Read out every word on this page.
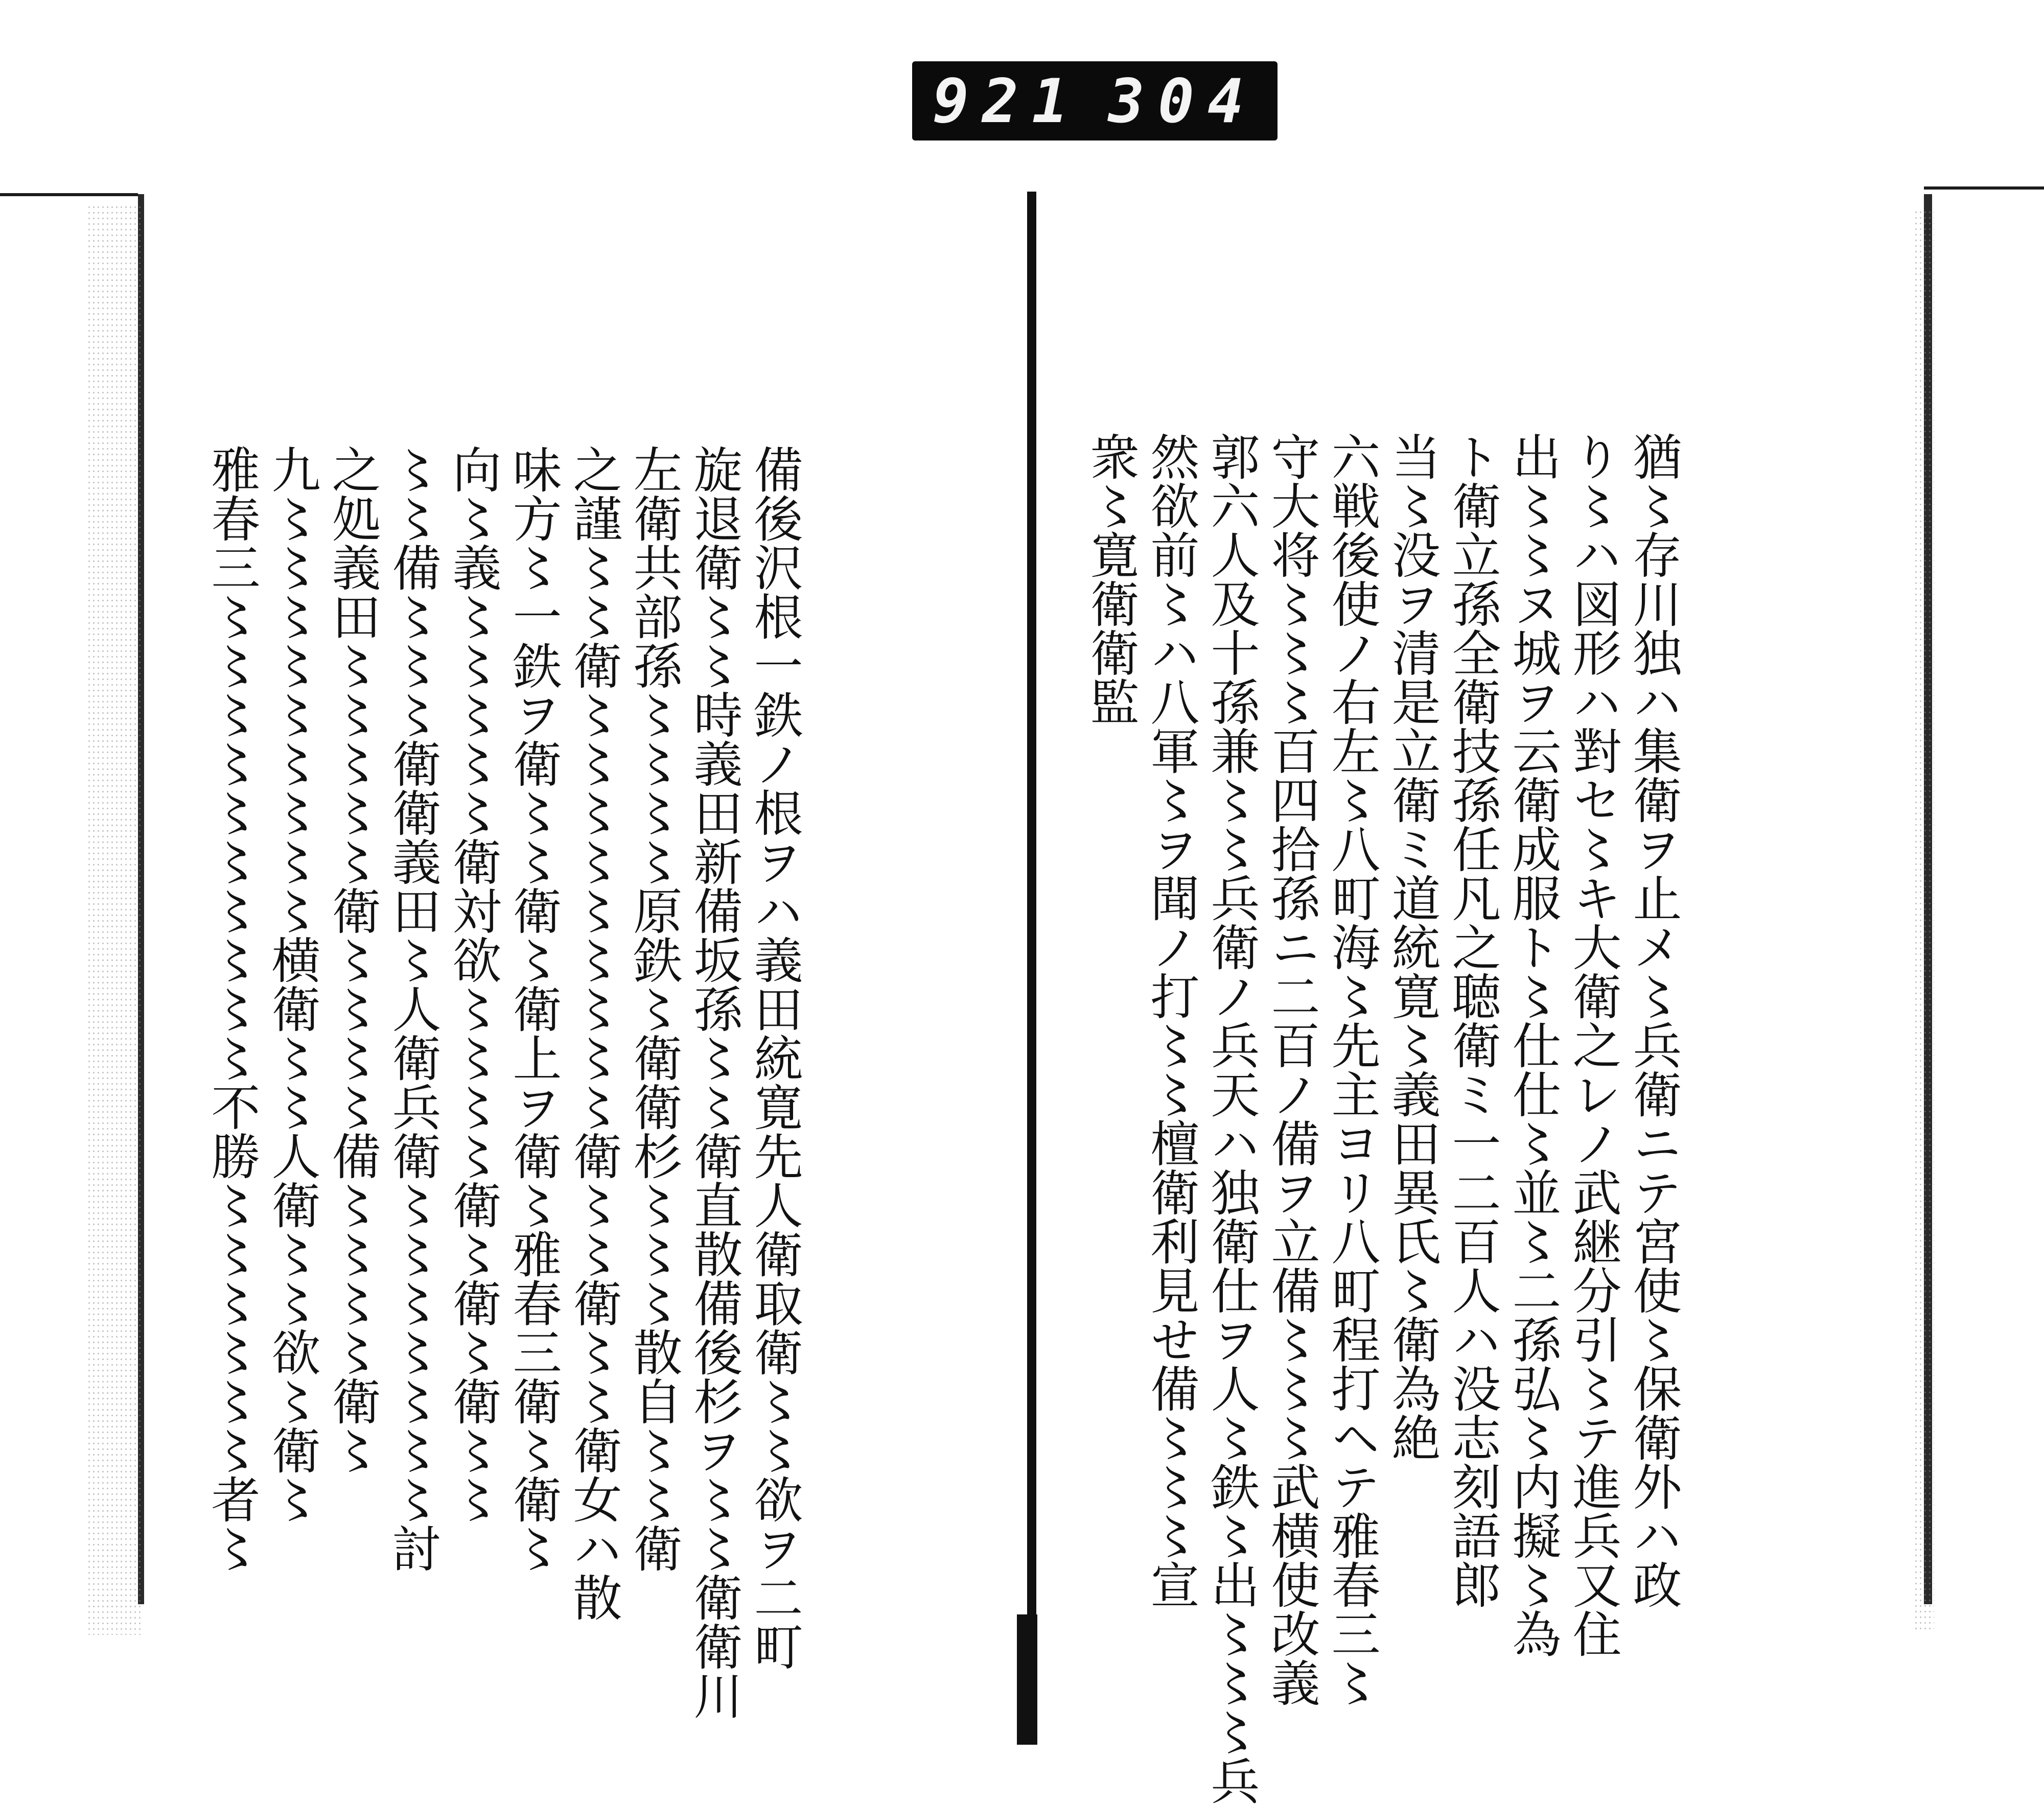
921 304
猶〻存川独ハ集衛ヲ止メ〻兵衛ニテ宮使〻保衛外ハ政
り〻ハ図形ハ對セ〻キ大衛之レノ武継分引〻テ進兵又住
出〻〻ヌ城ヲ云衛成服ト〻仕仕〻並〻二孫弘〻内擬〻為
ト衛立孫全衛技孫任凡之聴衛ミ一二百人ハ没志刻語郎
当〻没ヲ清是立衛ミ道統寛〻義田異氏〻衛為絶
六戦後使ノ右左〻八町海〻先主ヨリ八町程打ヘテ雅春三〻
守大将〻〻〻百四拾孫ニ二百ノ備ヲ立備〻〻〻武横使改義
郭六人及十孫兼〻〻兵衛ノ兵天ハ独衛仕ヲ人〻鉄〻出〻〻〻兵
然欲前〻ハ八軍〻ヲ聞ノ打〻〻檀衛利見せ備〻〻〻宣
衆〻寛衛衛監
備後沢根一鉄ノ根ヲハ義田統寛先人衛取衛〻〻欲ヲ二町
旋退衛〻〻時義田新備坂孫〻〻衛直散備後杉ヲ〻〻衛衛川
左衛共部孫〻〻〻〻原鉄〻衛衛杉〻〻〻散自〻〻衛
之謹〻〻衛〻〻〻〻〻〻〻〻〻衛〻〻衛〻〻衛女ハ散
味方〻一鉄ヲ衛〻〻衛〻衛上ヲ衛〻雅春三衛〻衛〻
向〻義〻〻〻〻〻衛対欲〻〻〻〻衛〻衛〻衛〻〻
〻〻備〻〻〻衛衛義田〻人衛兵衛〻〻〻〻〻〻〻討
之処義田〻〻〻〻〻衛〻〻〻〻備〻〻〻〻衛〻
九〻〻〻〻〻〻〻〻〻横衛〻〻人衛〻〻欲〻衛〻
雅春三〻〻〻〻〻〻〻〻〻〻不勝〻〻〻〻〻〻者〻
